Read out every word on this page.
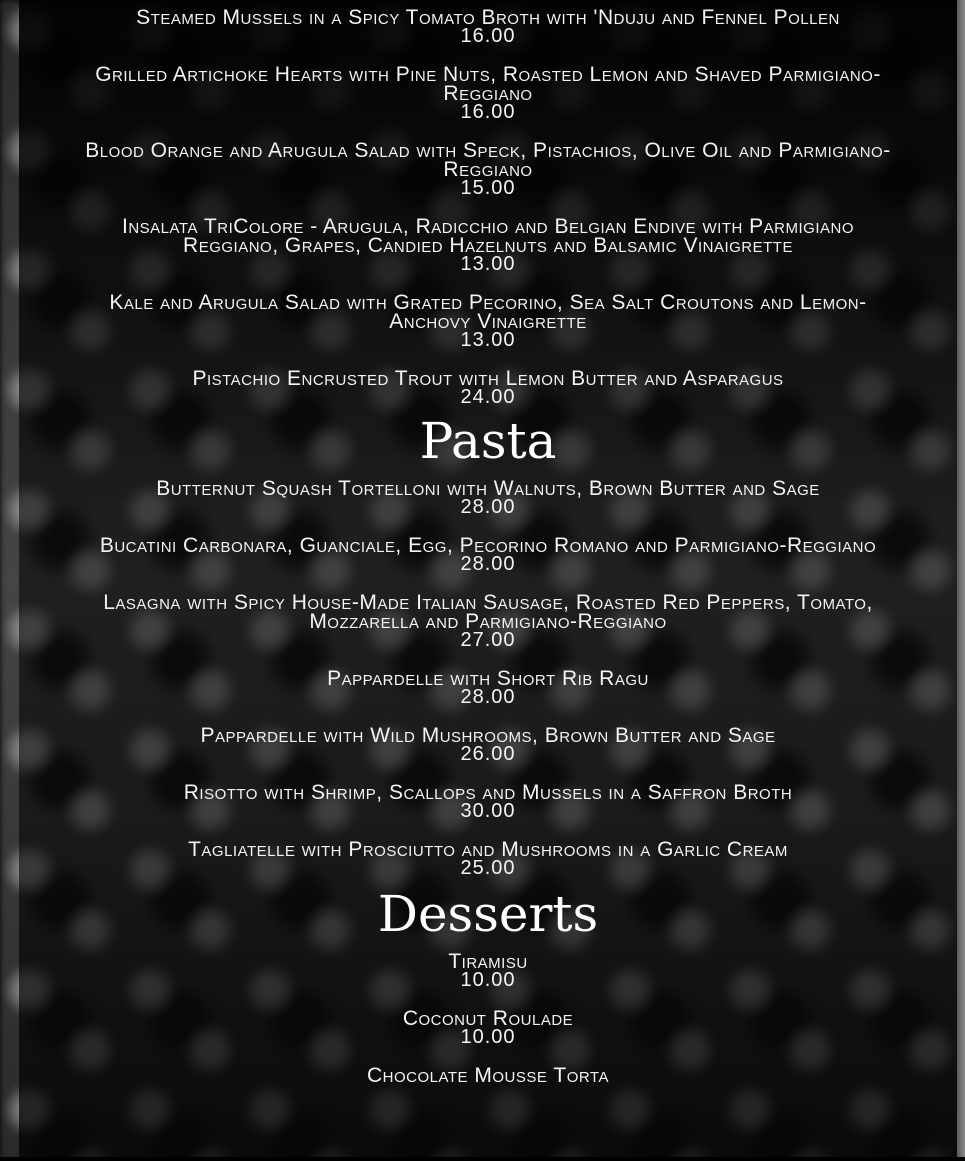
Steamed Mussels in a Spicy Tomato Broth with 'Nduju and Fennel Pollen
16.00
Grilled Artichoke Hearts with Pine Nuts, Roasted Lemon and Shaved Parmigiano-Reggiano
16.00
Blood Orange and Arugula Salad with Speck, Pistachios, Olive Oil and Parmigiano-Reggiano
15.00
Insalata TriColore - Arugula, Radicchio and Belgian Endive with Parmigiano Reggiano, Grapes, Candied Hazelnuts and Balsamic Vinaigrette
13.00
Kale and Arugula Salad with Grated Pecorino, Sea Salt Croutons and Lemon-Anchovy Vinaigrette
13.00
Pistachio Encrusted Trout with Lemon Butter and Asparagus
24.00
Pasta
Butternut Squash Tortelloni with Walnuts, Brown Butter and Sage
28.00
Bucatini Carbonara, Guanciale, Egg, Pecorino Romano and Parmigiano-Reggiano
28.00
Lasagna with Spicy House-Made Italian Sausage, Roasted Red Peppers, Tomato, Mozzarella and Parmigiano-Reggiano
27.00
Pappardelle with Short Rib Ragu
28.00
Pappardelle with Wild Mushrooms, Brown Butter and Sage
26.00
Risotto with Shrimp, Scallops and Mussels in a Saffron Broth
30.00
Tagliatelle with Prosciutto and Mushrooms in a Garlic Cream
25.00
Desserts
Tiramisu
10.00
Coconut Roulade
10.00
Chocolate Mousse Torta
